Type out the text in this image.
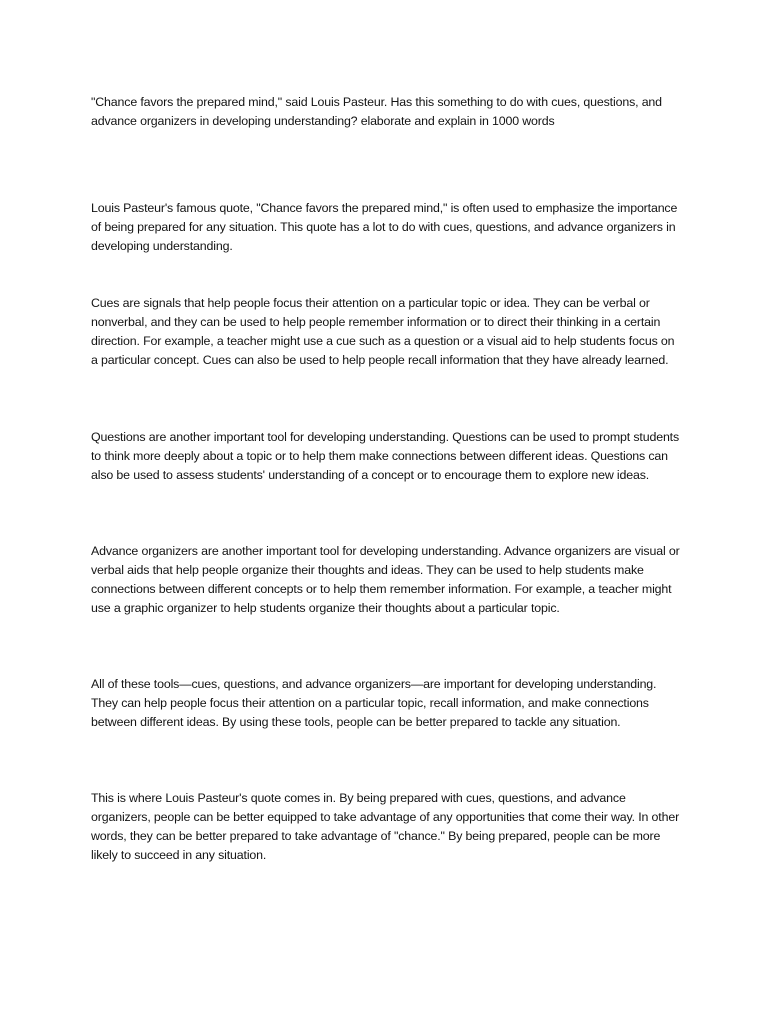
"Chance favors the prepared mind," said Louis Pasteur. Has this something to do with cues, questions, and advance organizers in developing understanding? elaborate and explain in 1000 words

Louis Pasteur's famous quote, "Chance favors the prepared mind," is often used to emphasize the importance of being prepared for any situation. This quote has a lot to do with cues, questions, and advance organizers in developing understanding.

Cues are signals that help people focus their attention on a particular topic or idea. They can be verbal or nonverbal, and they can be used to help people remember information or to direct their thinking in a certain direction. For example, a teacher might use a cue such as a question or a visual aid to help students focus on a particular concept. Cues can also be used to help people recall information that they have already learned.

Questions are another important tool for developing understanding. Questions can be used to prompt students to think more deeply about a topic or to help them make connections between different ideas. Questions can also be used to assess students' understanding of a concept or to encourage them to explore new ideas.

Advance organizers are another important tool for developing understanding. Advance organizers are visual or verbal aids that help people organize their thoughts and ideas. They can be used to help students make connections between different concepts or to help them remember information. For example, a teacher might use a graphic organizer to help students organize their thoughts about a particular topic.

All of these tools—cues, questions, and advance organizers—are important for developing understanding. They can help people focus their attention on a particular topic, recall information, and make connections between different ideas. By using these tools, people can be better prepared to tackle any situation.

This is where Louis Pasteur's quote comes in. By being prepared with cues, questions, and advance organizers, people can be better equipped to take advantage of any opportunities that come their way. In other words, they can be better prepared to take advantage of "chance." By being prepared, people can be more likely to succeed in any situation.
